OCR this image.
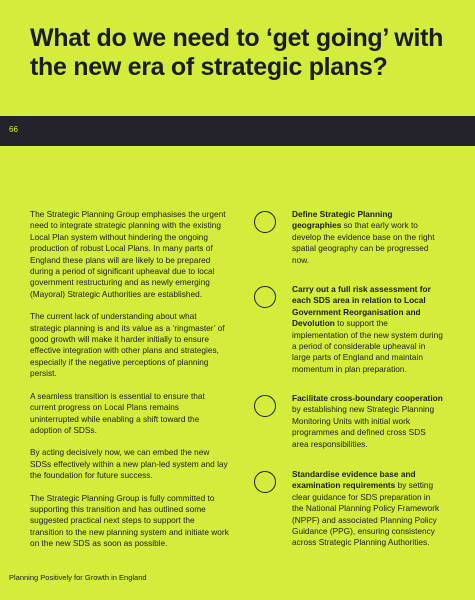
What do we need to ‘get going’ with the new era of strategic plans?
66

The Strategic Planning Group emphasises the urgent need to integrate strategic planning with the existing Local Plan system without hindering the ongoing production of robust Local Plans. In many parts of England these plans will are likely to be prepared during a period of significant upheaval due to local government restructuring and as newly emerging (Mayoral) Strategic Authorities are established.

The current lack of understanding about what strategic planning is and its value as a ‘ringmaster’ of good growth will make it harder initially to ensure effective integration with other plans and strategies, especially if the negative perceptions of planning persist.

A seamless transition is essential to ensure that current progress on Local Plans remains uninterrupted while enabling a shift toward the adoption of SDSs.

By acting decisively now, we can embed the new SDSs effectively within a new plan-led system and lay the foundation for future success.

The Strategic Planning Group is fully committed to supporting this transition and has outlined some suggested practical next steps to support the transition to the new planning system and initiate work on the new SDS as soon as possible.

Define Strategic Planning geographies so that early work to develop the evidence base on the right spatial geography can be progressed now.
Carry out a full risk assessment for each SDS area in relation to Local Government Reorganisation and Devolution to support the implementation of the new system during a period of considerable upheaval in large parts of England and maintain momentum in plan preparation.
Facilitate cross-boundary cooperation by establishing new Strategic Planning Monitoring Units with initial work programmes and defined cross SDS area responsibilities.
Standardise evidence base and examination requirements by setting clear guidance for SDS preparation in the National Planning Policy Framework (NPPF) and associated Planning Policy Guidance (PPG), ensuring consistency across Strategic Planning Authorities.
Planning Positively for Growth in England
